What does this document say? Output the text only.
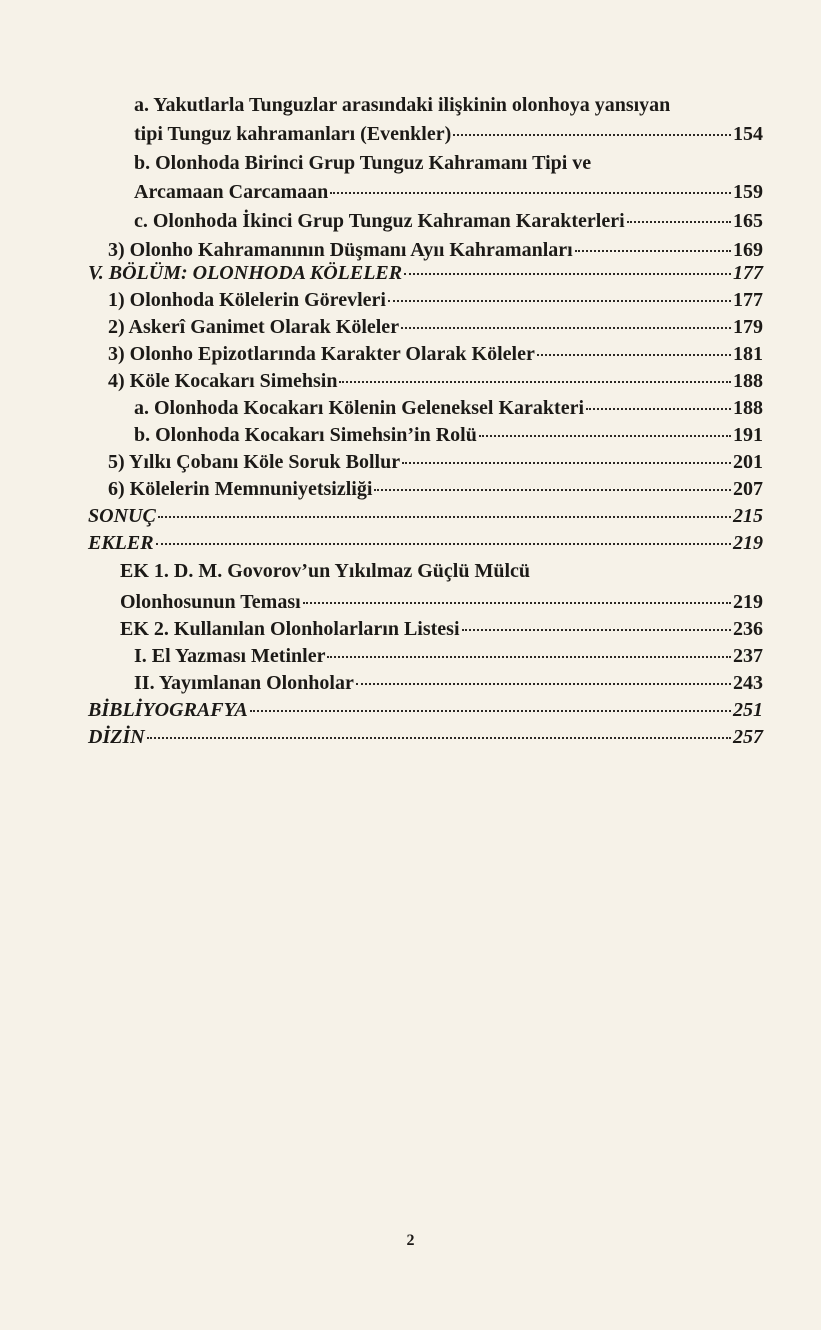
a. Yakutlarla Tunguzlar arasındaki ilişkinin olonhoya yansıyan
tipi Tunguz kahramanları (Evenkler)	154
b. Olonhoda Birinci Grup Tunguz Kahramanı Tipi ve
Arcamaan Carcamaan	159
c. Olonhoda İkinci Grup Tunguz Kahraman Karakterleri	165
3) Olonho Kahramanının Düşmanı Ayıı Kahramanları	169
V. BÖLÜM: OLONHODA KÖLELER	177
1) Olonhoda Kölelerin Görevleri	177
2) Askerî Ganimet Olarak Köleler	179
3) Olonho Epizotlarında Karakter Olarak Köleler	181
4) Köle Kocakarı Simehsin	188
a. Olonhoda Kocakarı Kölenin Geleneksel Karakteri	188
b. Olonhoda Kocakarı Simehsin’in Rolü	191
5) Yılkı Çobanı Köle Soruk Bollur	201
6) Kölelerin Memnuniyetsizliği	207
SONUÇ	215
EKLER	219
EK 1. D. M. Govorov’un Yıkılmaz Güçlü Mülcü
Olonhosunun Teması	219
EK 2. Kullanılan Olonholarların Listesi	236
I. El Yazması Metinler	237
II. Yayımlanan Olonholar	243
BİBLİYOGRAFYA	251
DİZİN	257
2
